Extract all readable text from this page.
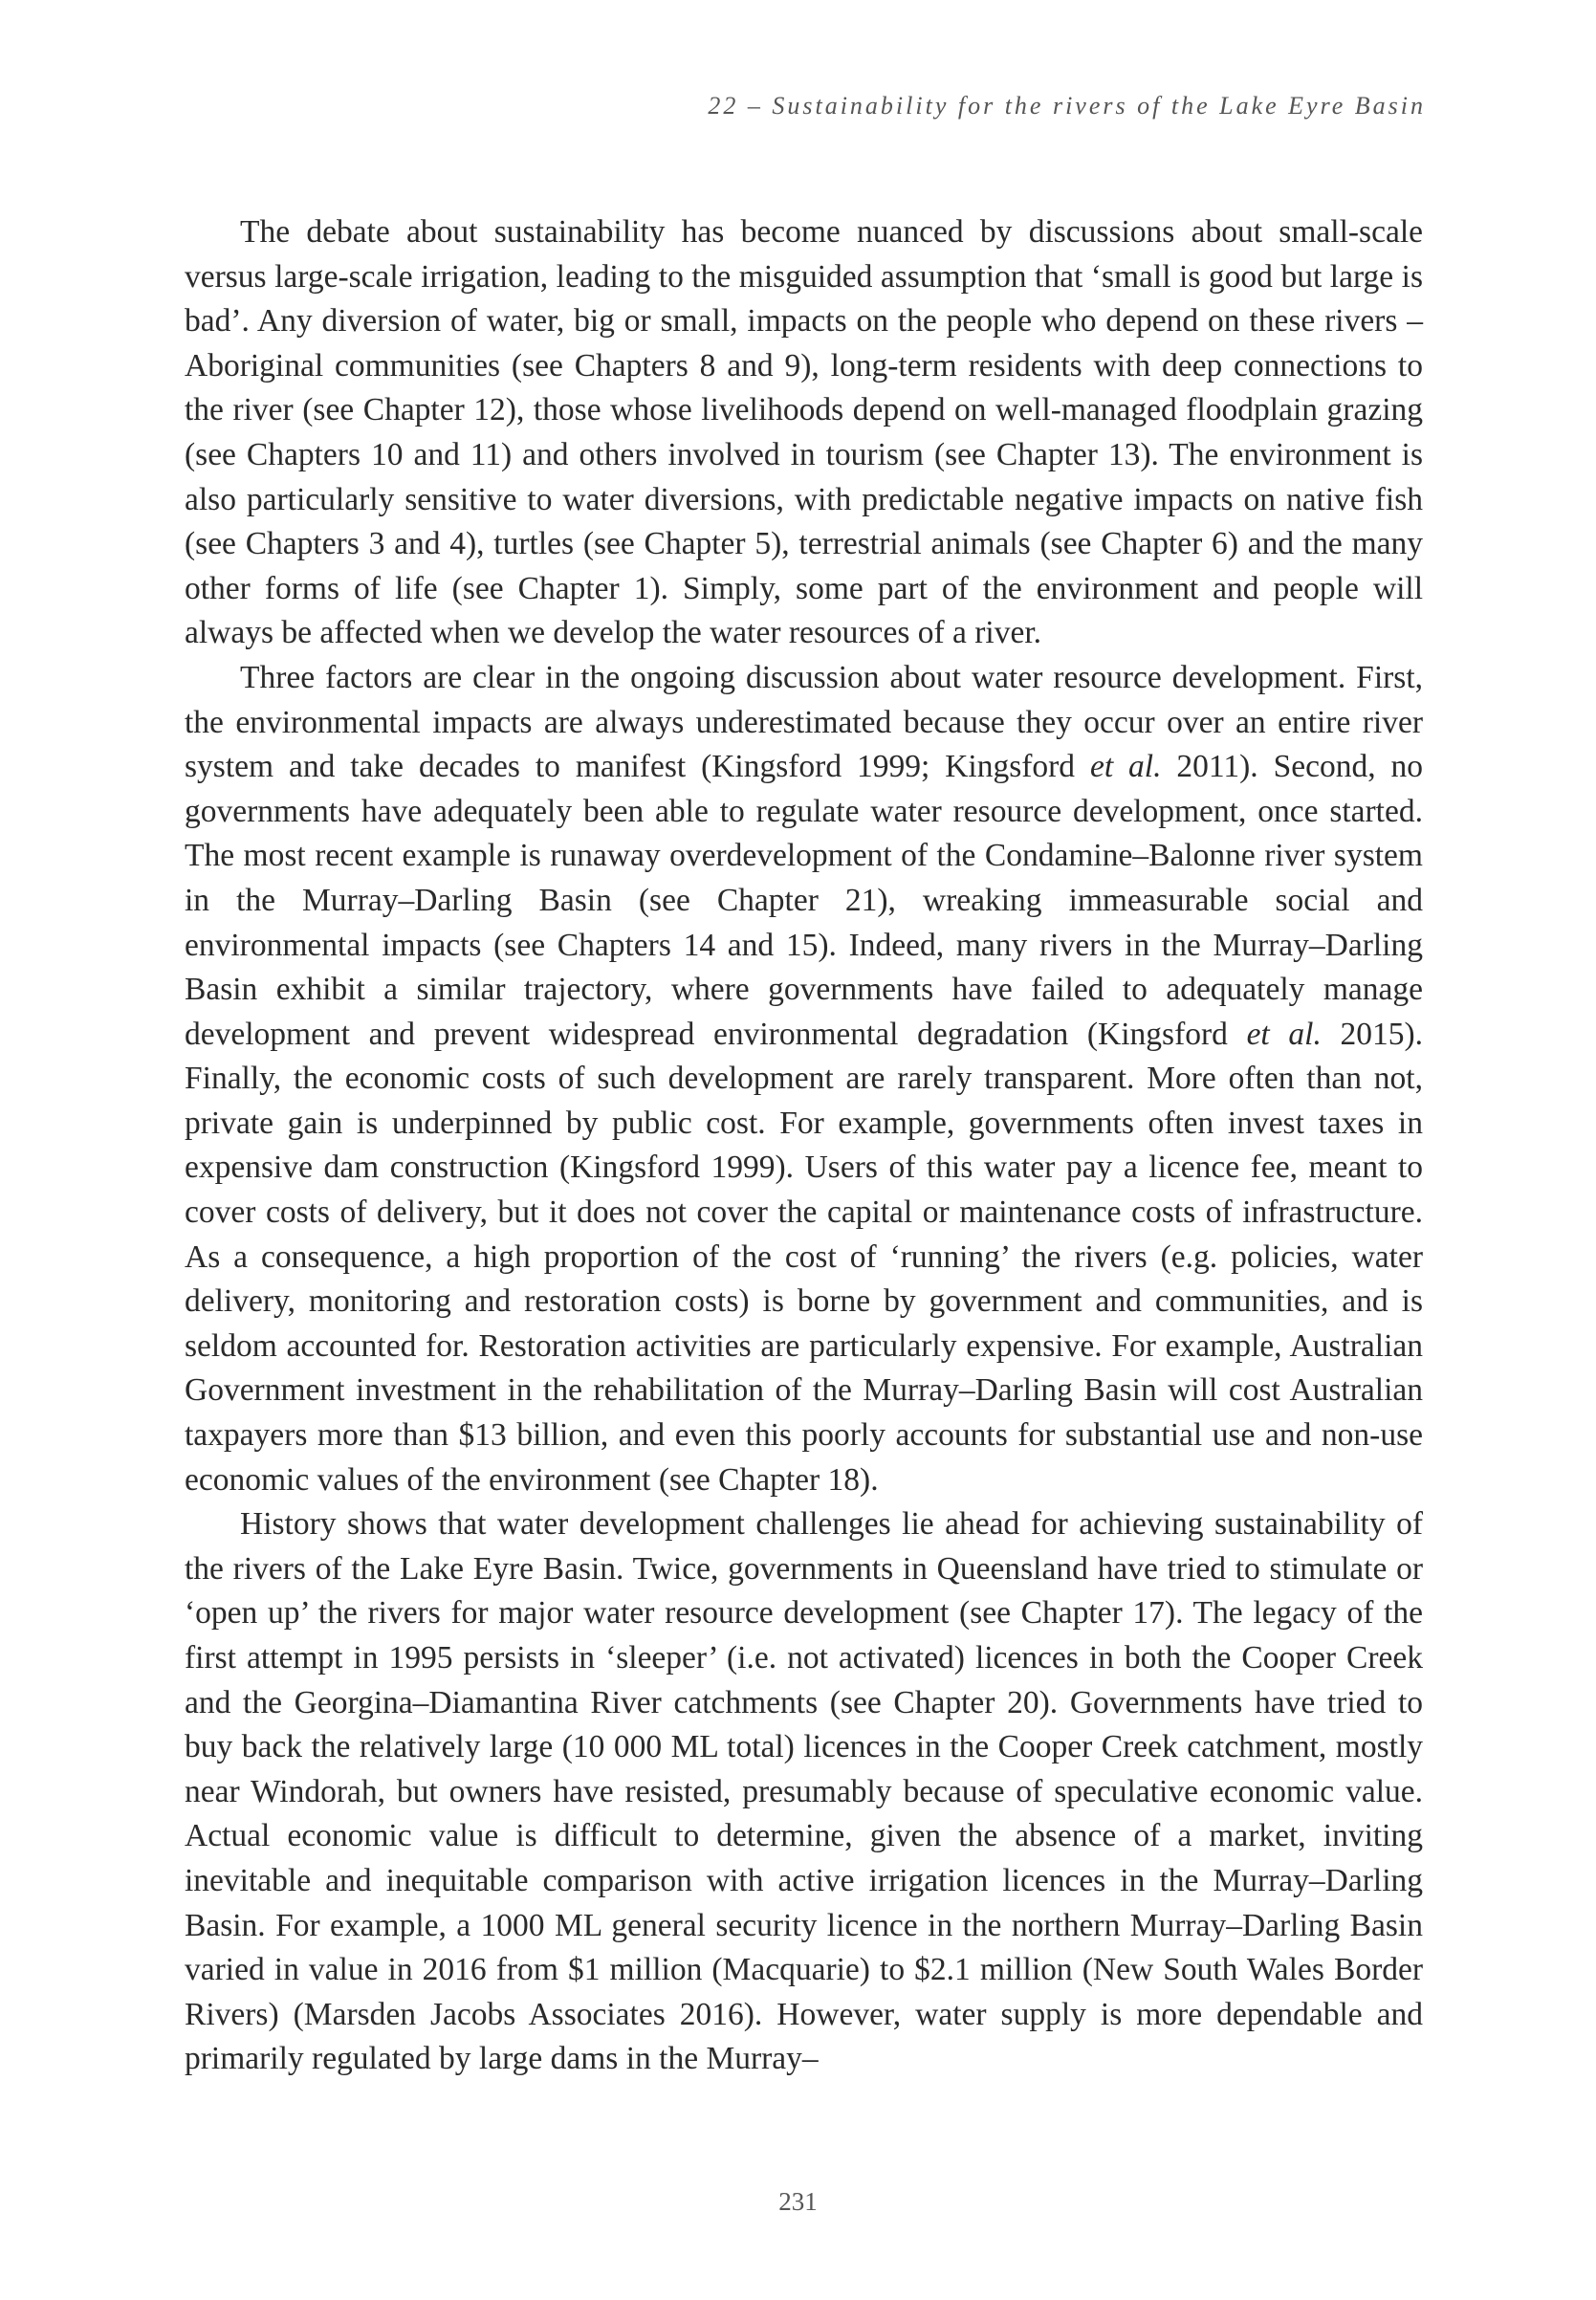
22 – Sustainability for the rivers of the Lake Eyre Basin

The debate about sustainability has become nuanced by discussions about small-scale versus large-scale irrigation, leading to the misguided assumption that ‘small is good but large is bad’. Any diversion of water, big or small, impacts on the people who depend on these rivers – Aboriginal communities (see Chapters 8 and 9), long-term residents with deep connections to the river (see Chapter 12), those whose livelihoods depend on well-managed floodplain grazing (see Chapters 10 and 11) and others involved in tourism (see Chapter 13). The environment is also particularly sensitive to water diversions, with predictable negative impacts on native fish (see Chapters 3 and 4), turtles (see Chapter 5), terrestrial animals (see Chapter 6) and the many other forms of life (see Chapter 1). Simply, some part of the environment and people will always be affected when we develop the water resources of a river.

Three factors are clear in the ongoing discussion about water resource development. First, the environmental impacts are always underestimated because they occur over an entire river system and take decades to manifest (Kingsford 1999; Kingsford et al. 2011). Second, no governments have adequately been able to regulate water resource development, once started. The most recent example is runaway overdevelopment of the Condamine–Balonne river system in the Murray–Darling Basin (see Chapter 21), wreaking immeasurable social and environmental impacts (see Chapters 14 and 15). Indeed, many rivers in the Murray–Darling Basin exhibit a similar trajectory, where governments have failed to adequately manage development and prevent widespread environmental degradation (Kingsford et al. 2015). Finally, the economic costs of such development are rarely transparent. More often than not, private gain is underpinned by public cost. For example, governments often invest taxes in expensive dam construction (Kingsford 1999). Users of this water pay a licence fee, meant to cover costs of delivery, but it does not cover the capital or maintenance costs of infrastructure. As a consequence, a high proportion of the cost of ‘running’ the rivers (e.g. policies, water delivery, monitoring and restoration costs) is borne by government and communities, and is seldom accounted for. Restoration activities are particularly expensive. For example, Australian Government investment in the rehabilitation of the Murray–Darling Basin will cost Australian taxpayers more than $13 billion, and even this poorly accounts for substantial use and non-use economic values of the environment (see Chapter 18).

History shows that water development challenges lie ahead for achieving sustainability of the rivers of the Lake Eyre Basin. Twice, governments in Queensland have tried to stimulate or ‘open up’ the rivers for major water resource development (see Chapter 17). The legacy of the first attempt in 1995 persists in ‘sleeper’ (i.e. not activated) licences in both the Cooper Creek and the Georgina–Diamantina River catchments (see Chapter 20). Governments have tried to buy back the relatively large (10 000 ML total) licences in the Cooper Creek catchment, mostly near Windorah, but owners have resisted, presumably because of speculative economic value. Actual economic value is difficult to determine, given the absence of a market, inviting inevitable and inequitable comparison with active irrigation licences in the Murray–Darling Basin. For example, a 1000 ML general security licence in the northern Murray–Darling Basin varied in value in 2016 from $1 million (Macquarie) to $2.1 million (New South Wales Border Rivers) (Marsden Jacobs Associates 2016). However, water supply is more dependable and primarily regulated by large dams in the Murray–

231
